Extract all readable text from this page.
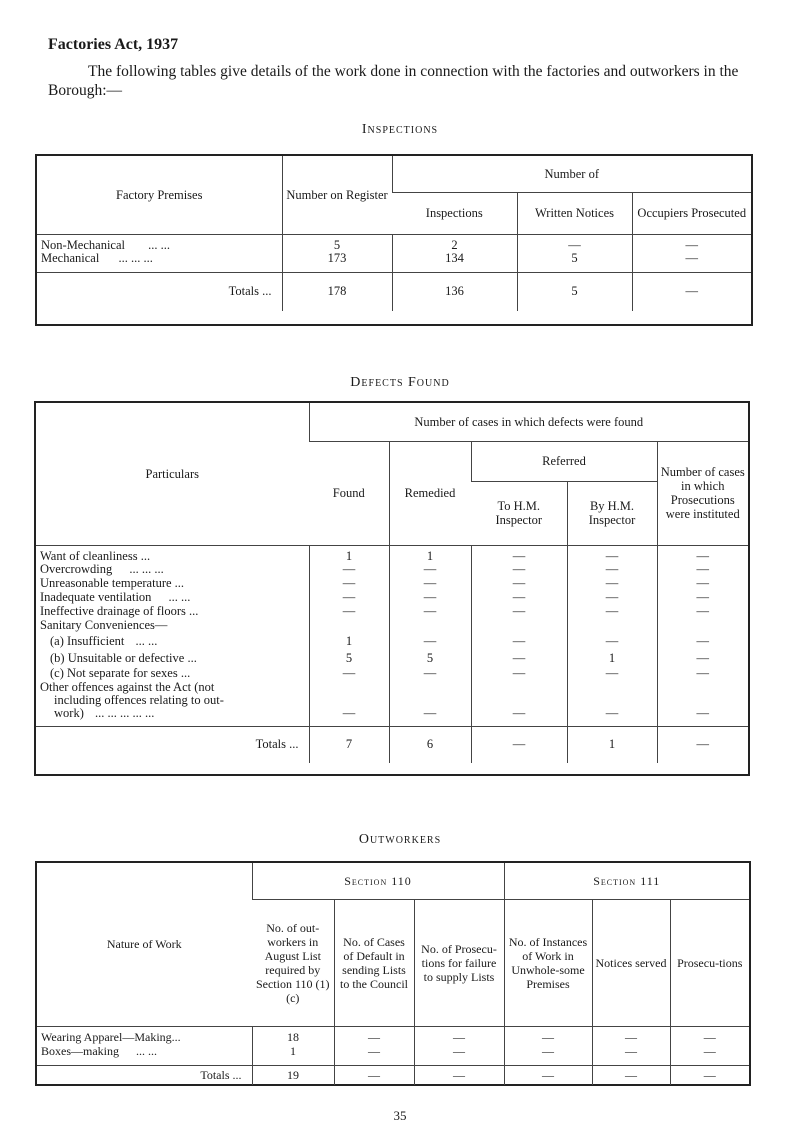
Factories Act, 1937
The following tables give details of the work done in connection with the factories and outworkers in the Borough:—
Inspections
Factory Premises	Number on Register	Number of		
		Inspections	Written Notices	Occupiers Prosecuted
Non-Mechanical ... ...	5	2	—	—
Mechanical ... ... ...	173	134	5	—
Totals ...	178	136	5	—
Defects Found
Particulars	Number of cases in which defects were found				
	Found	Remedied	Referred		Number of cases in which Prosecutions were instituted
			To H.M. Inspector	By H.M. Inspector	
Want of cleanliness ...	1	1	—	—	—
Overcrowding ... ... ...	—	—	—	—	—
Unreasonable temperature ...	—	—	—	—	—
Inadequate ventilation ... ...	—	—	—	—	—
Ineffective drainage of floors ...	—	—	—	—	—
Sanitary Conveniences—					
(a) Insufficient ... ...	1	—	—	—	—
(b) Unsuitable or defective ...	5	5	—	1	—
(c) Not separate for sexes ...	—	—	—	—	—
Other offences against the Act (not
including offences relating to out-
work) ... ... ... ... ...	—	—	—	—	—
Totals ...	7	6	—	1	—
Outworkers
Nature of Work	Section 110			Section 111		
	No. of out-workers in August List required by Section 110 (1) (c)	No. of Cases of Default in sending Lists to the Council	No. of Prosecu-tions for failure to supply Lists	No. of Instances of Work in Unwhole-some Premises	Notices served	Prosecu-tions
Wearing Apparel—Making...	18	—	—	—	—	—
Boxes—making ... ...	1	—	—	—	—	—
Totals ...	19	—	—	—	—	—
35
